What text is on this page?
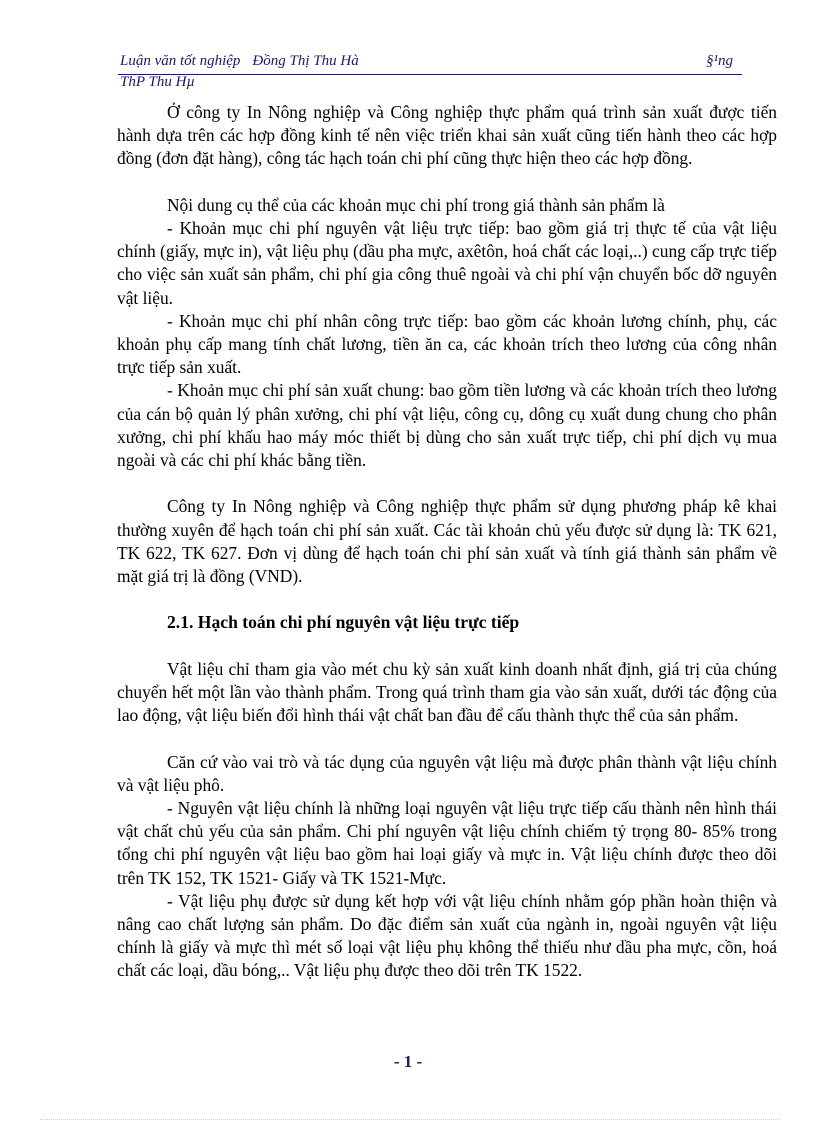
Luận văn tốt nghiệp Đồng Thị Thu Hà	§¹ng
ThP Thu Hµ

Ở công ty In Nông nghiệp và Công nghiệp thực phẩm quá trình sản xuất được tiến hành dựa trên các hợp đồng kinh tế nên việc triển khai sản xuất cũng tiến hành theo các hợp đồng (đơn đặt hàng), công tác hạch toán chi phí cũng thực hiện theo các hợp đồng.

Nội dung cụ thể của các khoản mục chi phí trong giá thành sản phẩm là

- Khoản mục chi phí nguyên vật liệu trực tiếp: bao gồm giá trị thực tế của vật liệu chính (giấy, mực in), vật liệu phụ (dầu pha mực, axêtôn, hoá chất các loại,..) cung cấp trực tiếp cho việc sản xuất sản phẩm, chi phí gia công thuê ngoài và chi phí vận chuyển bốc dỡ nguyên vật liệu.

- Khoản mục chi phí nhân công trực tiếp: bao gồm các khoản lương chính, phụ, các khoản phụ cấp mang tính chất lương, tiền ăn ca, các khoản trích theo lương của công nhân trực tiếp sản xuất.

- Khoản mục chi phí sản xuất chung: bao gồm tiền lương và các khoản trích theo lương của cán bộ quản lý phân xưởng, chi phí vật liệu, công cụ, dông cụ xuất dung chung cho phân xưởng, chi phí khấu hao máy móc thiết bị dùng cho sản xuất trực tiếp, chi phí dịch vụ mua ngoài và các chi phí khác bằng tiền.

Công ty In Nông nghiệp và Công nghiệp thực phẩm sử dụng phương pháp kê khai thường xuyên để hạch toán chi phí sản xuất. Các tài khoản chủ yếu được sử dụng là: TK 621, TK 622, TK 627. Đơn vị dùng để hạch toán chi phí sản xuất và tính giá thành sản phẩm về mặt giá trị là đồng (VND).

2.1. Hạch toán chi phí nguyên vật liệu trực tiếp

Vật liệu chỉ tham gia vào mét chu kỳ sản xuất kinh doanh nhất định, giá trị của chúng chuyển hết một lần vào thành phẩm. Trong quá trình tham gia vào sản xuất, dưới tác động của lao động, vật liệu biến đổi hình thái vật chất ban đầu để cấu thành thực thể của sản phẩm.

Căn cứ vào vai trò và tác dụng của nguyên vật liệu mà được phân thành vật liệu chính và vật liệu phô.

- Nguyên vật liệu chính là những loại nguyên vật liệu trực tiếp cấu thành nên hình thái vật chất chủ yếu của sản phẩm. Chi phí nguyên vật liệu chính chiếm tỷ trọng 80- 85% trong tổng chi phí nguyên vật liệu bao gồm hai loại giấy và mực in. Vật liệu chính được theo dõi trên TK 152, TK 1521- Giấy và TK 1521-Mực.

- Vật liệu phụ được sử dụng kết hợp với vật liệu chính nhằm góp phần hoàn thiện và nâng cao chất lượng sản phẩm. Do đặc điểm sản xuất của ngành in, ngoài nguyên vật liệu chính là giấy và mực thì mét số loại vật liệu phụ không thể thiếu như dầu pha mực, cồn, hoá chất các loại, dầu bóng,.. Vật liệu phụ được theo dõi trên TK 1522.

- 1 -
